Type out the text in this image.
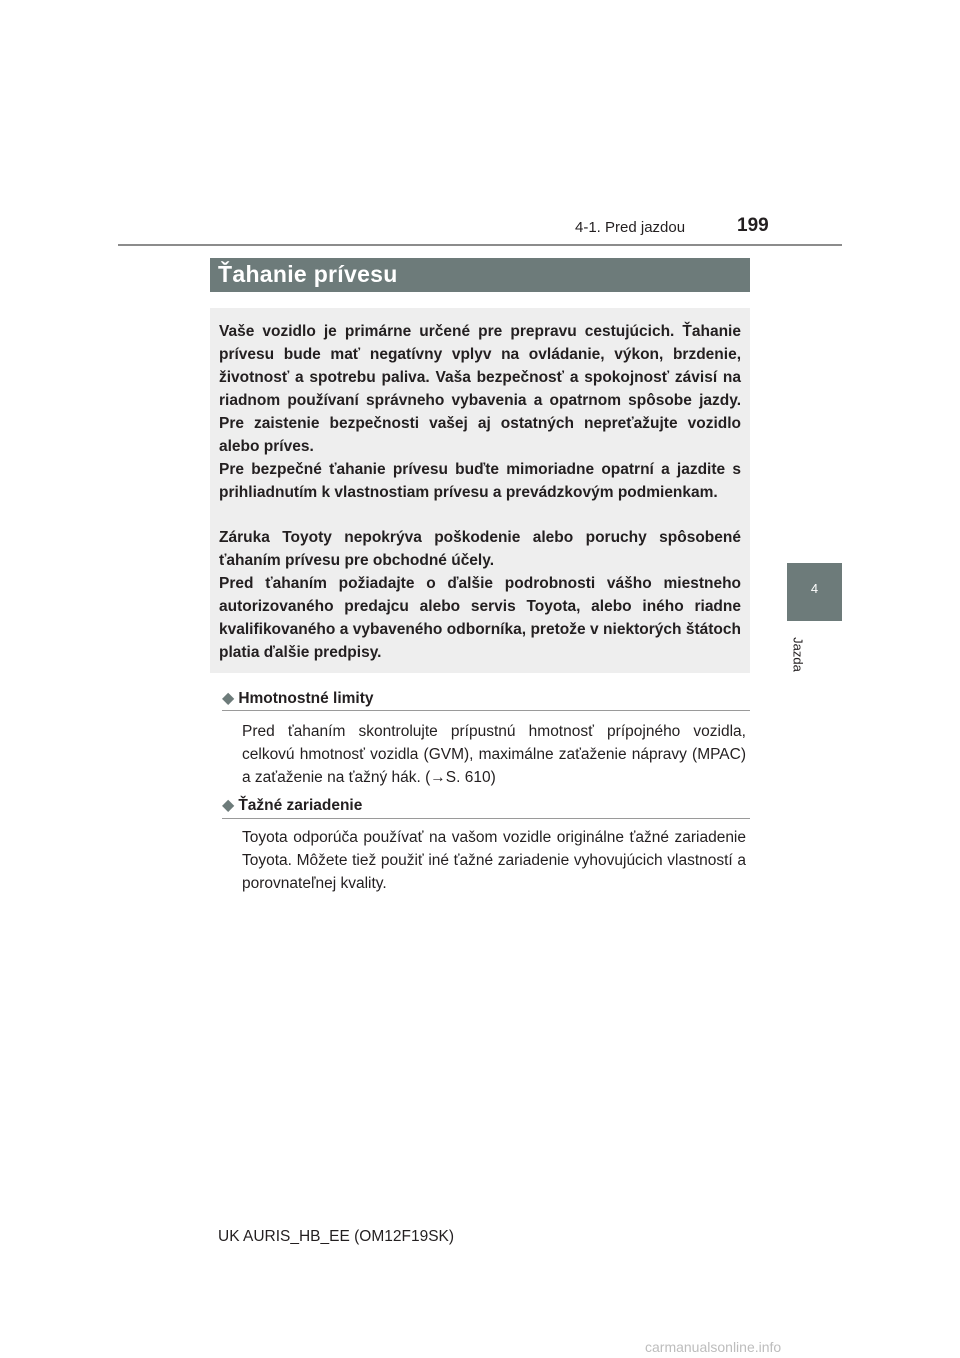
4-1. Pred jazdou	199
4
Jazda
Ťahanie prívesu

Vaše vozidlo je primárne určené pre prepravu cestujúcich. Ťahanie prívesu bude mať negatívny vplyv na ovládanie, výkon, brzdenie, životnosť a spotrebu paliva. Vaša bezpečnosť a spokojnosť závisí na riadnom používaní správneho vybavenia a opatrnom spôsobe jazdy. Pre zaistenie bezpečnosti vašej aj ostatných nepreťažujte vozidlo alebo príves.

Pre bezpečné ťahanie prívesu buďte mimoriadne opatrní a jazdite s prihliadnutím k vlastnostiam prívesu a prevádzkovým podmienkam.

Záruka Toyoty nepokrýva poškodenie alebo poruchy spôsobené ťahaním prívesu pre obchodné účely.

Pred ťahaním požiadajte o ďalšie podrobnosti vášho miestneho autorizovaného predajcu alebo servis Toyota, alebo iného riadne kvalifikovaného a vybaveného odborníka, pretože v niektorých štátoch platia ďalšie predpisy.

◆ Hmotnostné limity

Pred ťahaním skontrolujte prípustnú hmotnosť prípojného vozidla, celkovú hmotnosť vozidla (GVM), maximálne zaťaženie nápravy (MPAC) a zaťaženie na ťažný hák. (→S. 610)

◆ Ťažné zariadenie

Toyota odporúča používať na vašom vozidle originálne ťažné zariadenie Toyota. Môžete tiež použiť iné ťažné zariadenie vyhovujúcich vlastností a porovnateľnej kvality.

UK AURIS_HB_EE (OM12F19SK)
carmanualsonline.info
